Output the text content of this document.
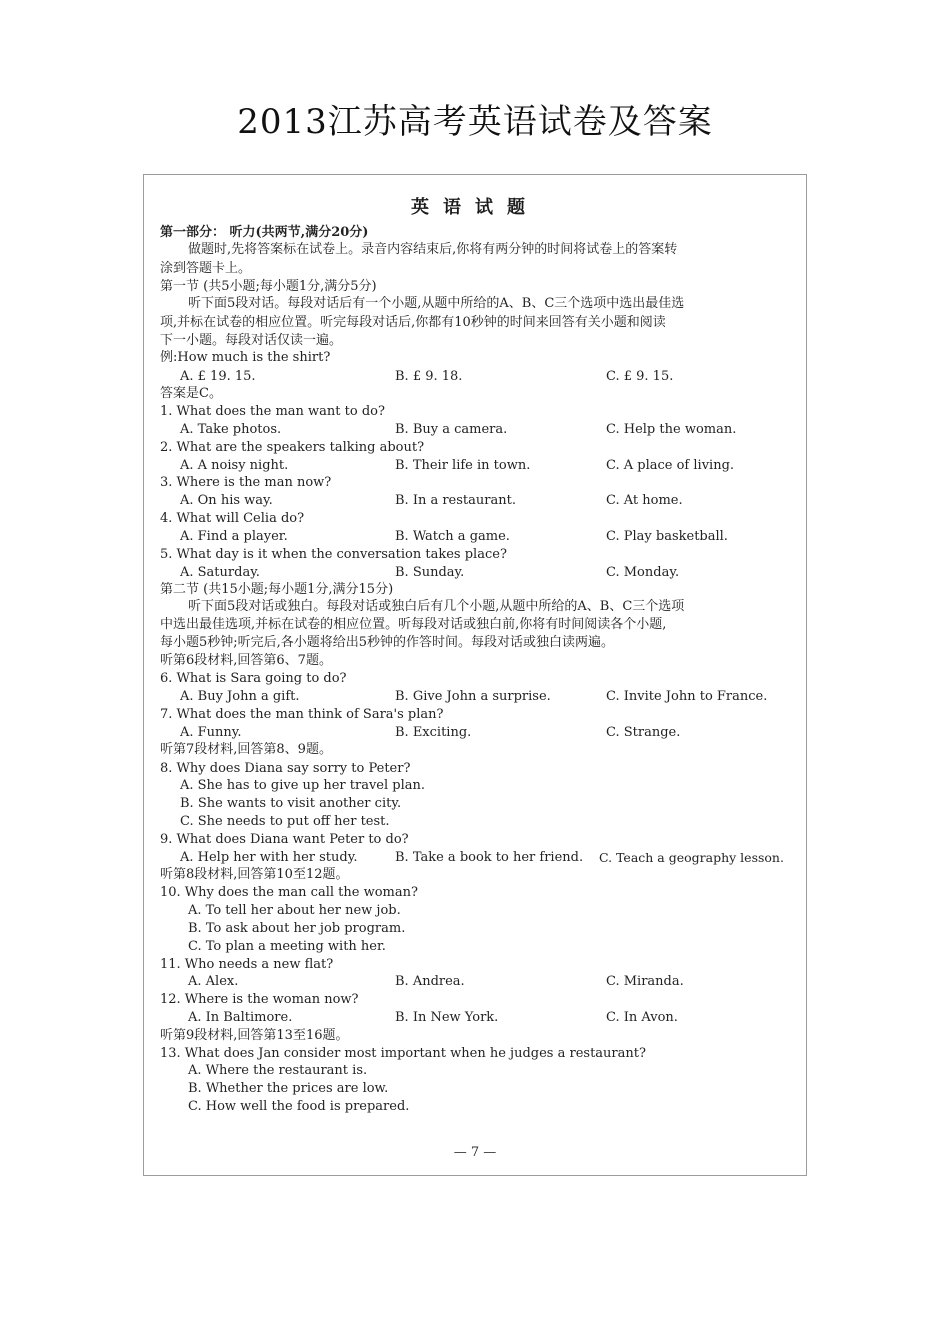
2013江苏高考英语试卷及答案
英语试题
第一部分： 听力(共两节,满分20分)
做题时,先将答案标在试卷上。录音内容结束后,你将有两分钟的时间将试卷上的答案转
涂到答题卡上。
第一节 (共5小题;每小题1分,满分5分)
听下面5段对话。每段对话后有一个小题,从题中所给的A、B、C三个选项中选出最佳选
项,并标在试卷的相应位置。听完每段对话后,你都有10秒钟的时间来回答有关小题和阅读
下一小题。每段对话仅读一遍。
例:How much is the shirt?
A. £ 19. 15.	B. £ 9. 18.	C. £ 9. 15.
答案是C。
1. What does the man want to do?
A. Take photos.	B. Buy a camera.	C. Help the woman.
2. What are the speakers talking about?
A. A noisy night.	B. Their life in town.	C. A place of living.
3. Where is the man now?
A. On his way.	B. In a restaurant.	C. At home.
4. What will Celia do?
A. Find a player.	B. Watch a game.	C. Play basketball.
5. What day is it when the conversation takes place?
A. Saturday.	B. Sunday.	C. Monday.
第二节 (共15小题;每小题1分,满分15分)
听下面5段对话或独白。每段对话或独白后有几个小题,从题中所给的A、B、C三个选项
中选出最佳选项,并标在试卷的相应位置。听每段对话或独白前,你将有时间阅读各个小题,
每小题5秒钟;听完后,各小题将给出5秒钟的作答时间。每段对话或独白读两遍。
听第6段材料,回答第6、7题。
6. What is Sara going to do?
A. Buy John a gift.	B. Give John a surprise.	C. Invite John to France.
7. What does the man think of Sara's plan?
A. Funny.	B. Exciting.	C. Strange.
听第7段材料,回答第8、9题。
8. Why does Diana say sorry to Peter?
A. She has to give up her travel plan.
B. She wants to visit another city.
C. She needs to put off her test.
9. What does Diana want Peter to do?
A. Help her with her study.	B. Take a book to her friend. C. Teach a geography lesson.
听第8段材料,回答第10至12题。
10. Why does the man call the woman?
A. To tell her about her new job.
B. To ask about her job program.
C. To plan a meeting with her.
11. Who needs a new flat?
A. Alex.	B. Andrea.	C. Miranda.
12. Where is the woman now?
A. In Baltimore.	B. In New York.	C. In Avon.
听第9段材料,回答第13至16题。
13. What does Jan consider most important when he judges a restaurant?
A. Where the restaurant is.
B. Whether the prices are low.
C. How well the food is prepared.
— 7 —
